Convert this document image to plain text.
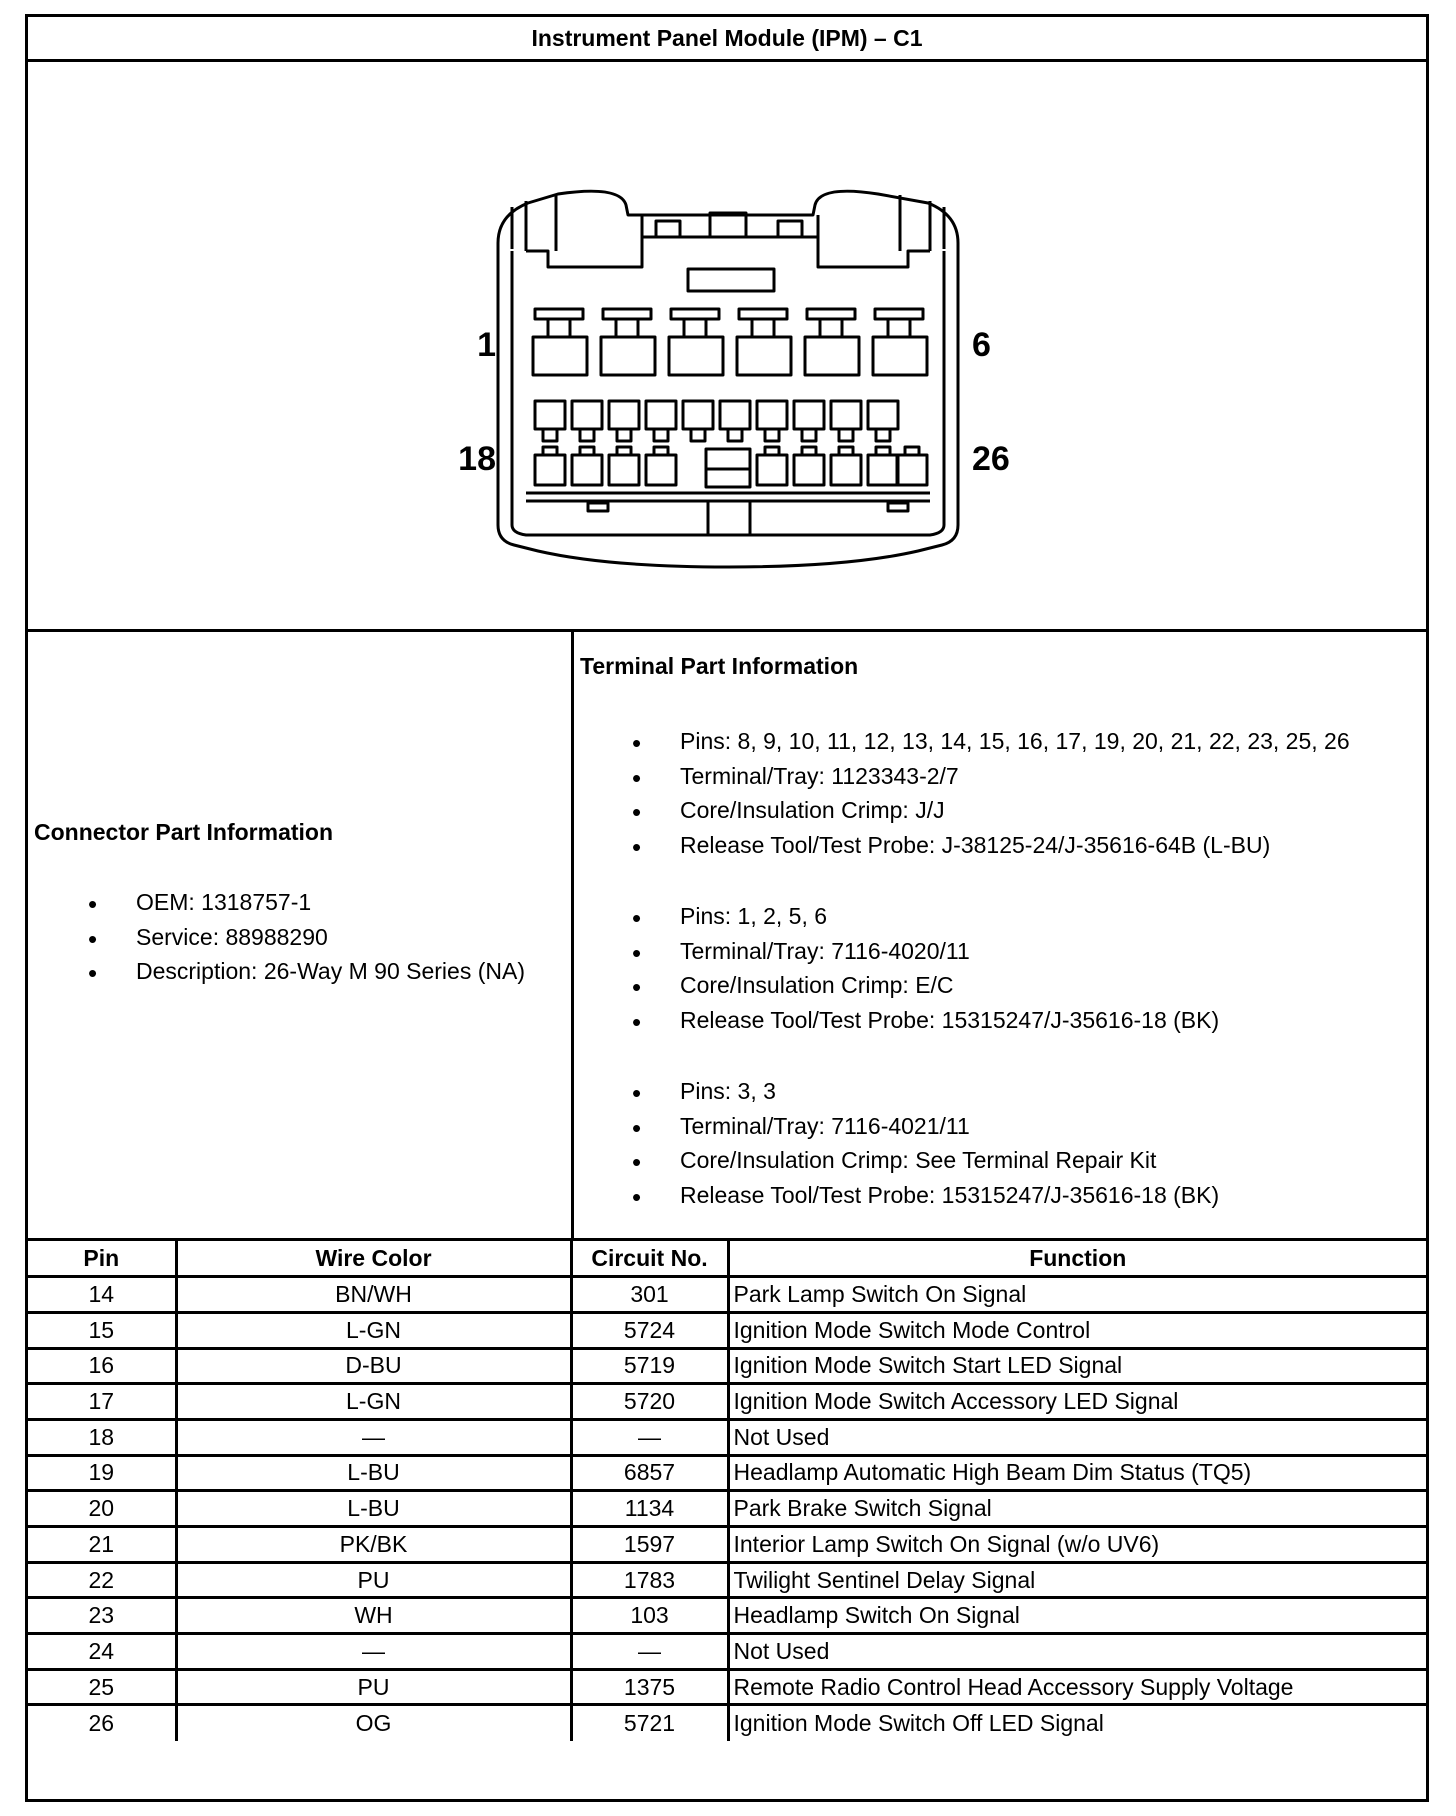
Instrument Panel Module (IPM) – C1
1	6
18	26
Connector Part Information
• OEM: 1318757-1
• Service: 88988290
• Description: 26-Way M 90 Series (NA)
Terminal Part Information
• Pins: 8, 9, 10, 11, 12, 13, 14, 15, 16, 17, 19, 20, 21, 22, 23, 25, 26
• Terminal/Tray: 1123343-2/7
• Core/Insulation Crimp: J/J
• Release Tool/Test Probe: J-38125-24/J-35616-64B (L-BU)
• Pins: 1, 2, 5, 6
• Terminal/Tray: 7116-4020/11
• Core/Insulation Crimp: E/C
• Release Tool/Test Probe: 15315247/J-35616-18 (BK)
• Pins: 3, 3
• Terminal/Tray: 7116-4021/11
• Core/Insulation Crimp: See Terminal Repair Kit
• Release Tool/Test Probe: 15315247/J-35616-18 (BK)
Pin	Wire Color	Circuit No.	Function
14	BN/WH	301	Park Lamp Switch On Signal
15	L-GN	5724	Ignition Mode Switch Mode Control
16	D-BU	5719	Ignition Mode Switch Start LED Signal
17	L-GN	5720	Ignition Mode Switch Accessory LED Signal
18	—	—	Not Used
19	L-BU	6857	Headlamp Automatic High Beam Dim Status (TQ5)
20	L-BU	1134	Park Brake Switch Signal
21	PK/BK	1597	Interior Lamp Switch On Signal (w/o UV6)
22	PU	1783	Twilight Sentinel Delay Signal
23	WH	103	Headlamp Switch On Signal
24	—	—	Not Used
25	PU	1375	Remote Radio Control Head Accessory Supply Voltage
26	OG	5721	Ignition Mode Switch Off LED Signal
